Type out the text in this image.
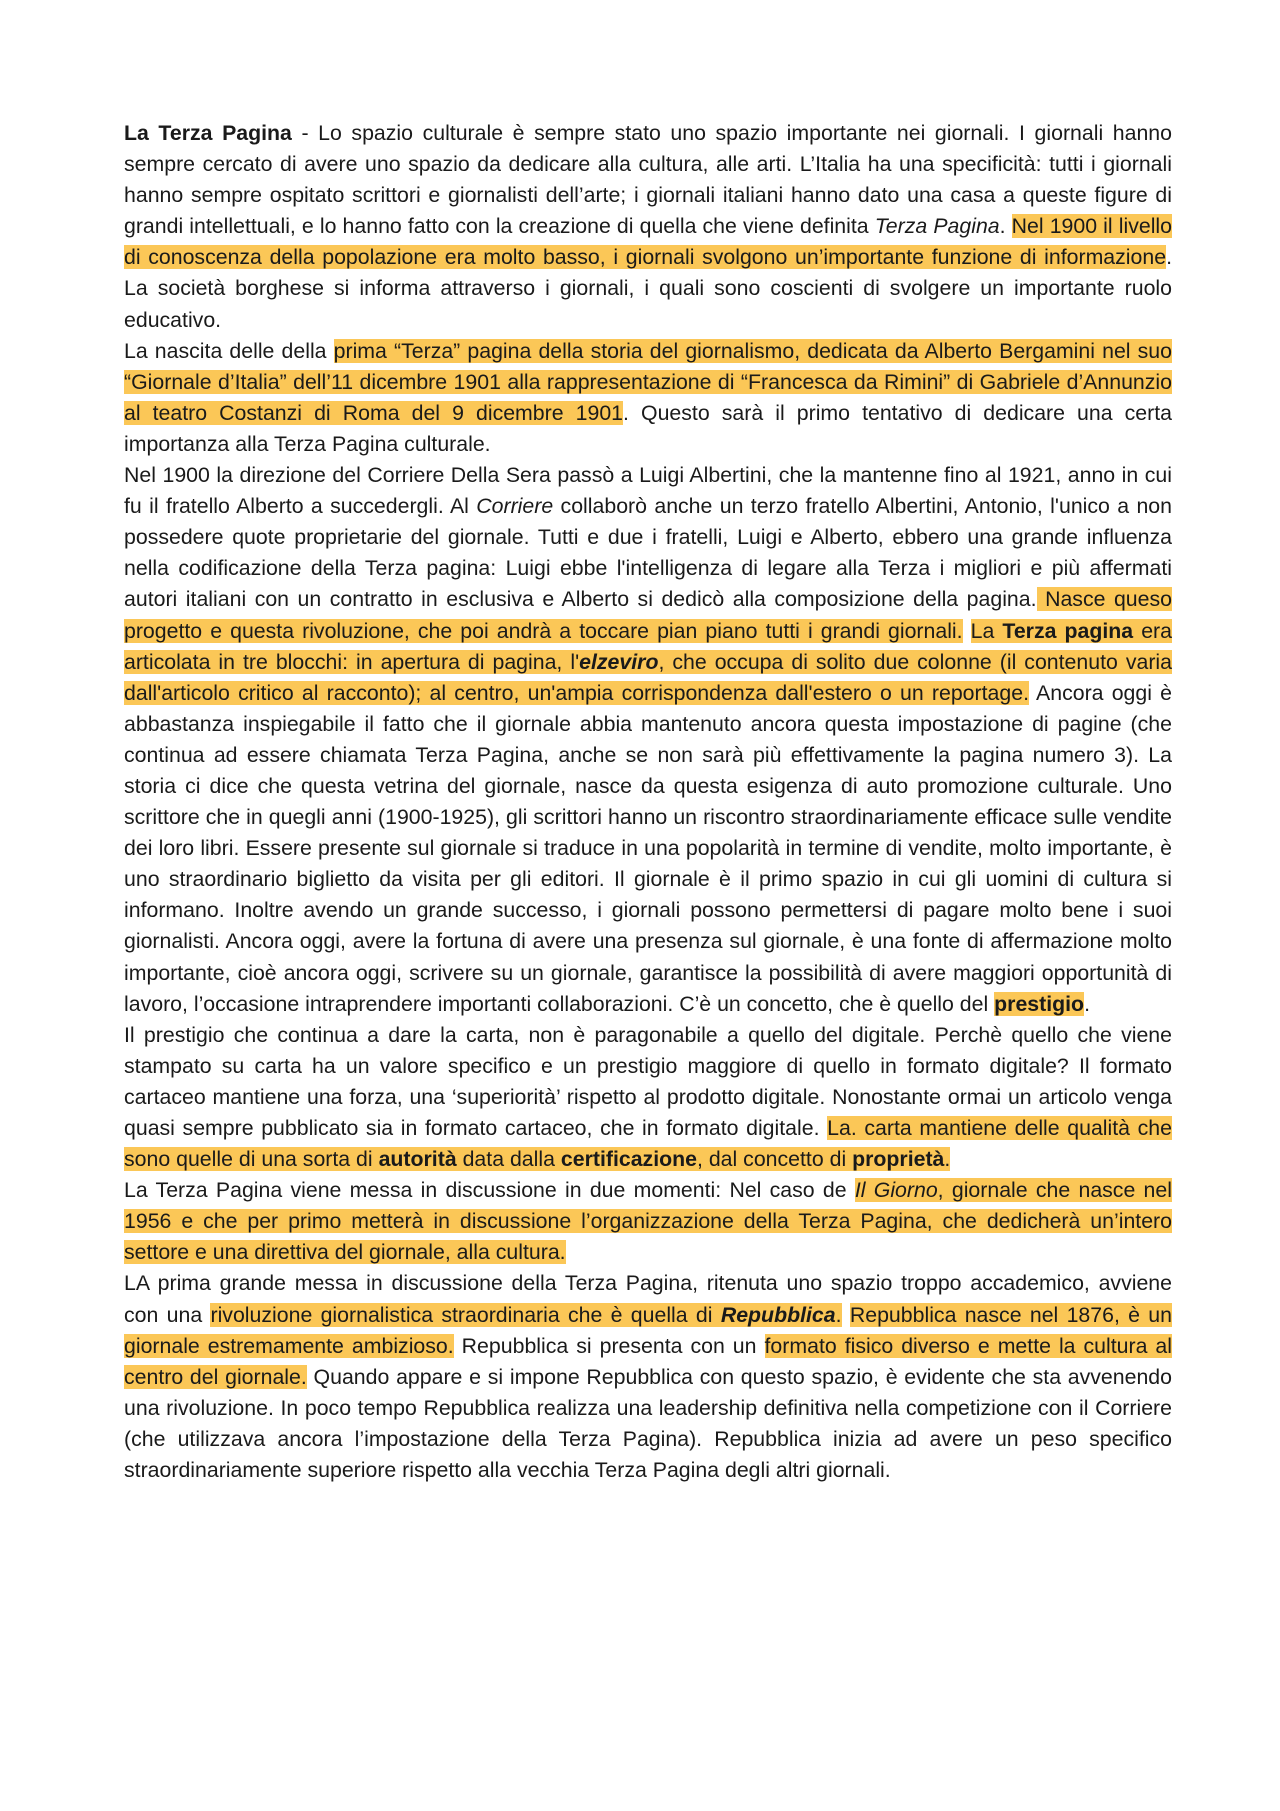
La Terza Pagina - Lo spazio culturale è sempre stato uno spazio importante nei giornali. I giornali hanno sempre cercato di avere uno spazio da dedicare alla cultura, alle arti. L’Italia ha una specificità: tutti i giornali hanno sempre ospitato scrittori e giornalisti dell’arte; i giornali italiani hanno dato una casa a queste figure di grandi intellettuali, e lo hanno fatto con la creazione di quella che viene definita Terza Pagina. Nel 1900 il livello di conoscenza della popolazione era molto basso, i giornali svolgono un’importante funzione di informazione. La società borghese si informa attraverso i giornali, i quali sono coscienti di svolgere un importante ruolo educativo.

La nascita delle della prima “Terza” pagina della storia del giornalismo, dedicata da Alberto Bergamini nel suo “Giornale d’Italia” dell’11 dicembre 1901 alla rappresentazione di “Francesca da Rimini” di Gabriele d’Annunzio al teatro Costanzi di Roma del 9 dicembre 1901. Questo sarà il primo tentativo di dedicare una certa importanza alla Terza Pagina culturale.

Nel 1900 la direzione del Corriere Della Sera passò a Luigi Albertini, che la mantenne fino al 1921, anno in cui fu il fratello Alberto a succedergli. Al Corriere collaborò anche un terzo fratello Albertini, Antonio, l'unico a non possedere quote proprietarie del giornale. Tutti e due i fratelli, Luigi e Alberto, ebbero una grande influenza nella codificazione della Terza pagina: Luigi ebbe l'intelligenza di legare alla Terza i migliori e più affermati autori italiani con un contratto in esclusiva e Alberto si dedicò alla composizione della pagina. Nasce queso progetto e questa rivoluzione, che poi andrà a toccare pian piano tutti i grandi giornali. La Terza pagina era articolata in tre blocchi: in apertura di pagina, l'elzeviro, che occupa di solito due colonne (il contenuto varia dall'articolo critico al racconto); al centro, un'ampia corrispondenza dall'estero o un reportage. Ancora oggi è abbastanza inspiegabile il fatto che il giornale abbia mantenuto ancora questa impostazione di pagine (che continua ad essere chiamata Terza Pagina, anche se non sarà più effettivamente la pagina numero 3). La storia ci dice che questa vetrina del giornale, nasce da questa esigenza di auto promozione culturale. Uno scrittore che in quegli anni (1900-1925), gli scrittori hanno un riscontro straordinariamente efficace sulle vendite dei loro libri. Essere presente sul giornale si traduce in una popolarità in termine di vendite, molto importante, è uno straordinario biglietto da visita per gli editori. Il giornale è il primo spazio in cui gli uomini di cultura si informano. Inoltre avendo un grande successo, i giornali possono permettersi di pagare molto bene i suoi giornalisti. Ancora oggi, avere la fortuna di avere una presenza sul giornale, è una fonte di affermazione molto importante, cioè ancora oggi, scrivere su un giornale, garantisce la possibilità di avere maggiori opportunità di lavoro, l’occasione intraprendere importanti collaborazioni. C’è un concetto, che è quello del prestigio.

Il prestigio che continua a dare la carta, non è paragonabile a quello del digitale. Perchè quello che viene stampato su carta ha un valore specifico e un prestigio maggiore di quello in formato digitale? Il formato cartaceo mantiene una forza, una ‘superiorità’ rispetto al prodotto digitale. Nonostante ormai un articolo venga quasi sempre pubblicato sia in formato cartaceo, che in formato digitale. La. carta mantiene delle qualità che sono quelle di una sorta di autorità data dalla certificazione, dal concetto di proprietà.

La Terza Pagina viene messa in discussione in due momenti: Nel caso de Il Giorno, giornale che nasce nel 1956 e che per primo metterà in discussione l’organizzazione della Terza Pagina, che dedicherà un’intero settore e una direttiva del giornale, alla cultura.

LA prima grande messa in discussione della Terza Pagina, ritenuta uno spazio troppo accademico, avviene con una rivoluzione giornalistica straordinaria che è quella di Repubblica. Repubblica nasce nel 1876, è un giornale estremamente ambizioso. Repubblica si presenta con un formato fisico diverso e mette la cultura al centro del giornale. Quando appare e si impone Repubblica con questo spazio, è evidente che sta avvenendo una rivoluzione. In poco tempo Repubblica realizza una leadership definitiva nella competizione con il Corriere (che utilizzava ancora l’impostazione della Terza Pagina). Repubblica inizia ad avere un peso specifico straordinariamente superiore rispetto alla vecchia Terza Pagina degli altri giornali.
